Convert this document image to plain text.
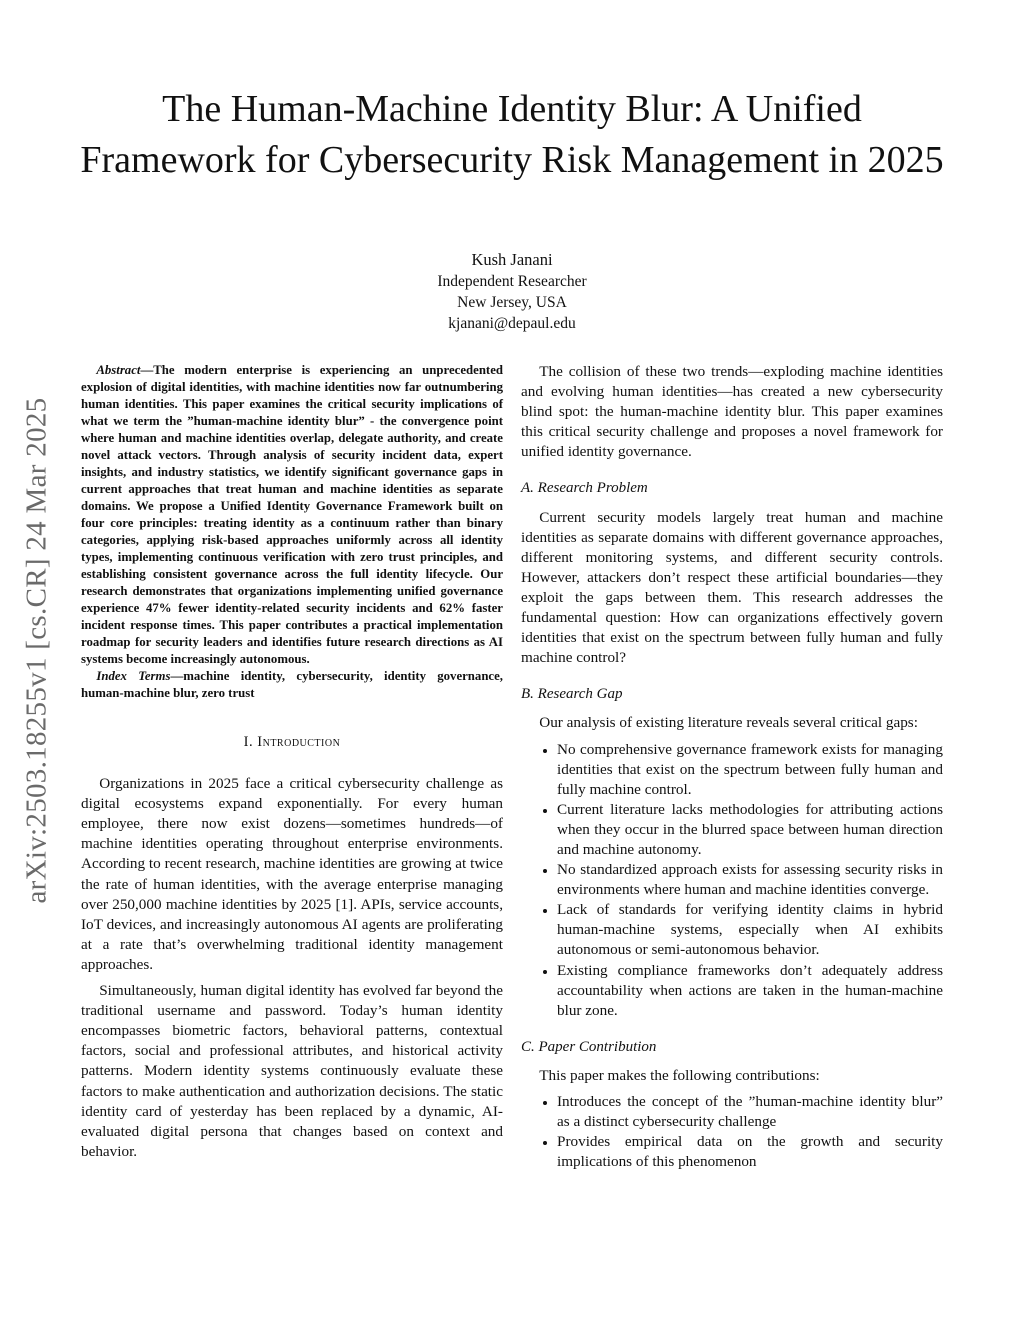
arXiv:2503.18255v1 [cs.CR] 24 Mar 2025
The Human-Machine Identity Blur: A Unified Framework for Cybersecurity Risk Management in 2025
Kush Janani
Independent Researcher
New Jersey, USA
kjanani@depaul.edu

Abstract—The modern enterprise is experiencing an unprecedented explosion of digital identities, with machine identities now far outnumbering human identities. This paper examines the critical security implications of what we term the ”human-machine identity blur” - the convergence point where human and machine identities overlap, delegate authority, and create novel attack vectors. Through analysis of security incident data, expert insights, and industry statistics, we identify significant governance gaps in current approaches that treat human and machine identities as separate domains. We propose a Unified Identity Governance Framework built on four core principles: treating identity as a continuum rather than binary categories, applying risk-based approaches uniformly across all identity types, implementing continuous verification with zero trust principles, and establishing consistent governance across the full identity lifecycle. Our research demonstrates that organizations implementing unified governance experience 47% fewer identity-related security incidents and 62% faster incident response times. This paper contributes a practical implementation roadmap for security leaders and identifies future research directions as AI systems become increasingly autonomous.

Index Terms—machine identity, cybersecurity, identity governance, human-machine blur, zero trust

I. Introduction

Organizations in 2025 face a critical cybersecurity challenge as digital ecosystems expand exponentially. For every human employee, there now exist dozens—sometimes hundreds—of machine identities operating throughout enterprise environments. According to recent research, machine identities are growing at twice the rate of human identities, with the average enterprise managing over 250,000 machine identities by 2025 [1]. APIs, service accounts, IoT devices, and increasingly autonomous AI agents are proliferating at a rate that’s overwhelming traditional identity management approaches.

Simultaneously, human digital identity has evolved far beyond the traditional username and password. Today’s human identity encompasses biometric factors, behavioral patterns, contextual factors, social and professional attributes, and historical activity patterns. Modern identity systems continuously evaluate these factors to make authentication and authorization decisions. The static identity card of yesterday has been replaced by a dynamic, AI-evaluated digital persona that changes based on context and behavior.

The collision of these two trends—exploding machine identities and evolving human identities—has created a new cybersecurity blind spot: the human-machine identity blur. This paper examines this critical security challenge and proposes a novel framework for unified identity governance.

A. Research Problem

Current security models largely treat human and machine identities as separate domains with different governance approaches, different monitoring systems, and different security controls. However, attackers don’t respect these artificial boundaries—they exploit the gaps between them. This research addresses the fundamental question: How can organizations effectively govern identities that exist on the spectrum between fully human and fully machine control?

B. Research Gap

Our analysis of existing literature reveals several critical gaps:

• No comprehensive governance framework exists for managing identities that exist on the spectrum between fully human and fully machine control.
• Current literature lacks methodologies for attributing actions when they occur in the blurred space between human direction and machine autonomy.
• No standardized approach exists for assessing security risks in environments where human and machine identities converge.
• Lack of standards for verifying identity claims in hybrid human-machine systems, especially when AI exhibits autonomous or semi-autonomous behavior.
• Existing compliance frameworks don’t adequately address accountability when actions are taken in the human-machine blur zone.
C. Paper Contribution

This paper makes the following contributions:

• Introduces the concept of the ”human-machine identity blur” as a distinct cybersecurity challenge
• Provides empirical data on the growth and security implications of this phenomenon
